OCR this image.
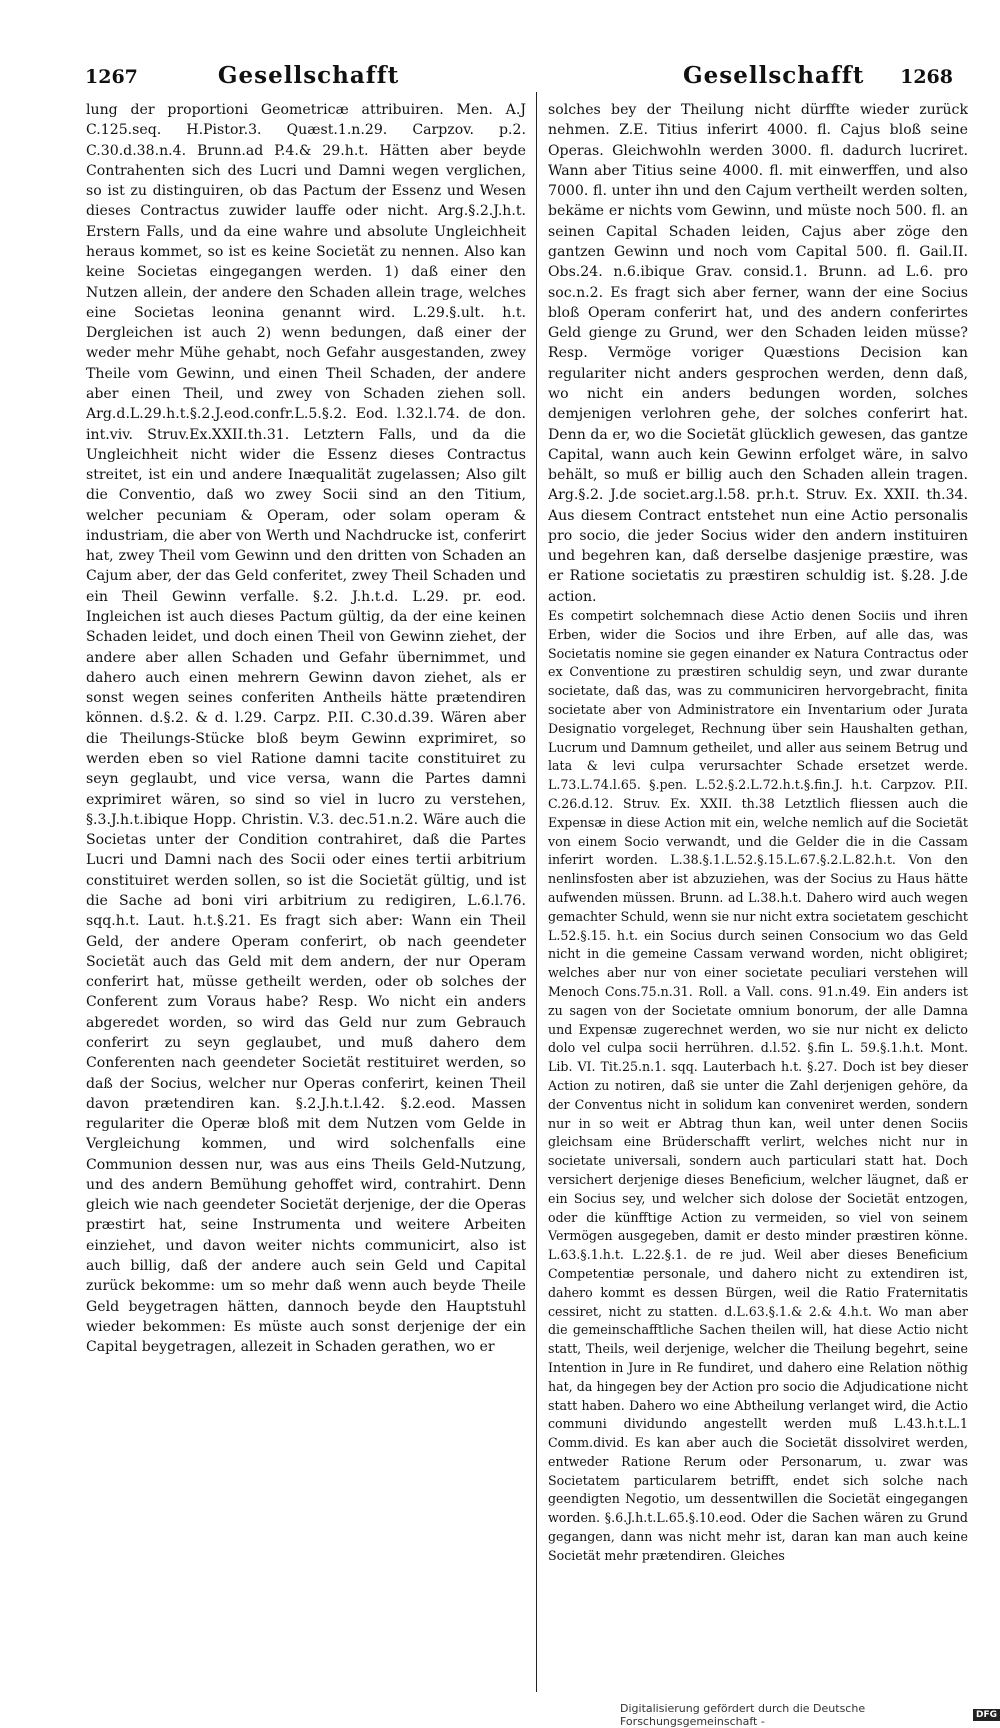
1267	Gesellschafft	Gesellschafft 1268

lung der proportioni Geometricæ attribuiren. Men. A.J C.125.seq. H.Pistor.3. Quæst.1.n.29. Carpzov. p.2. C.30.d.38.n.4. Brunn.ad P.4.& 29.h.t. Hätten aber beyde Contrahenten sich des Lucri und Damni wegen verglichen, so ist zu distinguiren, ob das Pactum der Essenz und Wesen dieses Contractus zuwider lauffe oder nicht. Arg.§.2.J.h.t. Erstern Falls, und da eine wahre und absolute Ungleichheit heraus kommet, so ist es keine Societät zu nennen. Also kan keine Societas eingegangen werden. 1) daß einer den Nutzen allein, der andere den Schaden allein trage, welches eine Societas leonina genannt wird. L.29.§.ult. h.t. Dergleichen ist auch 2) wenn bedungen, daß einer der weder mehr Mühe gehabt, noch Gefahr ausgestanden, zwey Theile vom Gewinn, und einen Theil Schaden, der andere aber einen Theil, und zwey von Schaden ziehen soll. Arg.d.L.29.h.t.§.2.J.eod.confr.L.5.§.2. Eod. l.32.l.74. de don. int.viv. Struv.Ex.XXII.th.31. Letztern Falls, und da die Ungleichheit nicht wider die Essenz dieses Contractus streitet, ist ein und andere Inæqualität zugelassen; Also gilt die Conventio, daß wo zwey Socii sind an den Titium, welcher pecuniam & Operam, oder solam operam & industriam, die aber von Werth und Nachdrucke ist, conferirt hat, zwey Theil vom Gewinn und den dritten von Schaden an Cajum aber, der das Geld conferitet, zwey Theil Schaden und ein Theil Gewinn verfalle. §.2. J.h.t.d. L.29. pr. eod. Ingleichen ist auch dieses Pactum gültig, da der eine keinen Schaden leidet, und doch einen Theil von Gewinn ziehet, der andere aber allen Schaden und Gefahr übernimmet, und dahero auch einen mehrern Gewinn davon ziehet, als er sonst wegen seines conferiten Antheils hätte prætendiren können. d.§.2. & d. l.29. Carpz. P.II. C.30.d.39. Wären aber die Theilungs-Stücke bloß beym Gewinn exprimiret, so werden eben so viel Ratione damni tacite constituiret zu seyn geglaubt, und vice versa, wann die Partes damni exprimiret wären, so sind so viel in lucro zu verstehen, §.3.J.h.t.ibique Hopp. Christin. V.3. dec.51.n.2. Wäre auch die Societas unter der Condition contrahiret, daß die Partes Lucri und Damni nach des Socii oder eines tertii arbitrium constituiret werden sollen, so ist die Societät gültig, und ist die Sache ad boni viri arbitrium zu redigiren, L.6.l.76. sqq.h.t. Laut. h.t.§.21. Es fragt sich aber: Wann ein Theil Geld, der andere Operam conferirt, ob nach geendeter Societät auch das Geld mit dem andern, der nur Operam conferirt hat, müsse getheilt werden, oder ob solches der Conferent zum Voraus habe? Resp. Wo nicht ein anders abgeredet worden, so wird das Geld nur zum Gebrauch conferirt zu seyn geglaubet, und muß dahero dem Conferenten nach geendeter Societät restituiret werden, so daß der Socius, welcher nur Operas conferirt, keinen Theil davon prætendiren kan. §.2.J.h.t.l.42. §.2.eod. Massen regulariter die Operæ bloß mit dem Nutzen vom Gelde in Vergleichung kommen, und wird solchenfalls eine Communion dessen nur, was aus eins Theils Geld-Nutzung, und des andern Bemühung gehoffet wird, contrahirt. Denn gleich wie nach geendeter Societät derjenige, der die Operas præstirt hat, seine Instrumenta und weitere Arbeiten einziehet, und davon weiter nichts communicirt, also ist auch billig, daß der andere auch sein Geld und Capital zurück bekomme: um so mehr daß wenn auch beyde Theile Geld beygetragen hätten, dannoch beyde den Hauptstuhl wieder bekommen: Es müste auch sonst derjenige der ein Capital beygetragen, allezeit in Schaden gerathen, wo er

solches bey der Theilung nicht dürffte wieder zurück nehmen. Z.E. Titius inferirt 4000. fl. Cajus bloß seine Operas. Gleichwohln werden 3000. fl. dadurch lucriret. Wann aber Titius seine 4000. fl. mit einwerffen, und also 7000. fl. unter ihn und den Cajum vertheilt werden solten, bekäme er nichts vom Gewinn, und müste noch 500. fl. an seinen Capital Schaden leiden, Cajus aber zöge den gantzen Gewinn und noch vom Capital 500. fl. Gail.II. Obs.24. n.6.ibique Grav. consid.1. Brunn. ad L.6. pro soc.n.2. Es fragt sich aber ferner, wann der eine Socius bloß Operam conferirt hat, und des andern conferirtes Geld gienge zu Grund, wer den Schaden leiden müsse? Resp. Vermöge voriger Quæstions Decision kan regulariter nicht anders gesprochen werden, denn daß, wo nicht ein anders bedungen worden, solches demjenigen verlohren gehe, der solches conferirt hat. Denn da er, wo die Societät glücklich gewesen, das gantze Capital, wann auch kein Gewinn erfolget wäre, in salvo behält, so muß er billig auch den Schaden allein tragen. Arg.§.2. J.de societ.arg.l.58. pr.h.t. Struv. Ex. XXII. th.34. Aus diesem Contract entstehet nun eine Actio personalis pro socio, die jeder Socius wider den andern instituiren und begehren kan, daß derselbe dasjenige præstire, was er Ratione societatis zu præstiren schuldig ist. §.28. J.de action.

Es competirt solchemnach diese Actio denen Sociis und ihren Erben, wider die Socios und ihre Erben, auf alle das, was Societatis nomine sie gegen einander ex Natura Contractus oder ex Conventione zu præstiren schuldig seyn, und zwar durante societate, daß das, was zu communiciren hervorgebracht, finita societate aber von Administratore ein Inventarium oder Jurata Designatio vorgeleget, Rechnung über sein Haushalten gethan, Lucrum und Damnum getheilet, und aller aus seinem Betrug und lata & levi culpa verursachter Schade ersetzet werde. L.73.L.74.l.65. §.pen. L.52.§.2.L.72.h.t.§.fin.J. h.t. Carpzov. P.II. C.26.d.12. Struv. Ex. XXII. th.38 Letztlich fliessen auch die Expensæ in diese Action mit ein, welche nemlich auf die Societät von einem Socio verwandt, und die Gelder die in die Cassam inferirt worden. L.38.§.1.L.52.§.15.L.67.§.2.L.82.h.t. Von den nenlinsfosten aber ist abzuziehen, was der Socius zu Haus hätte aufwenden müssen. Brunn. ad L.38.h.t. Dahero wird auch wegen gemachter Schuld, wenn sie nur nicht extra societatem geschicht L.52.§.15. h.t. ein Socius durch seinen Consocium wo das Geld nicht in die gemeine Cassam verwand worden, nicht obligiret; welches aber nur von einer societate peculiari verstehen will Menoch Cons.75.n.31. Roll. a Vall. cons. 91.n.49. Ein anders ist zu sagen von der Societate omnium bonorum, der alle Damna und Expensæ zugerechnet werden, wo sie nur nicht ex delicto dolo vel culpa socii herrühren. d.l.52. §.fin L. 59.§.1.h.t. Mont. Lib. VI. Tit.25.n.1. sqq. Lauterbach h.t. §.27. Doch ist bey dieser Action zu notiren, daß sie unter die Zahl derjenigen gehöre, da der Conventus nicht in solidum kan conveniret werden, sondern nur in so weit er Abtrag thun kan, weil unter denen Sociis gleichsam eine Brüderschafft verlirt, welches nicht nur in societate universali, sondern auch particulari statt hat. Doch versichert derjenige dieses Beneficium, welcher läugnet, daß er ein Socius sey, und welcher sich dolose der Societät entzogen, oder die künfftige Action zu vermeiden, so viel von seinem Vermögen ausgegeben, damit er desto minder præstiren könne. L.63.§.1.h.t. L.22.§.1. de re jud. Weil aber dieses Beneficium Competentiæ personale, und dahero nicht zu extendiren ist, dahero kommt es dessen Bürgen, weil die Ratio Fraternitatis cessiret, nicht zu statten. d.L.63.§.1.& 2.& 4.h.t. Wo man aber die gemeinschafftliche Sachen theilen will, hat diese Actio nicht statt, Theils, weil derjenige, welcher die Theilung begehrt, seine Intention in Jure in Re fundiret, und dahero eine Relation nöthig hat, da hingegen bey der Action pro socio die Adjudicatione nicht statt haben. Dahero wo eine Abtheilung verlanget wird, die Actio communi dividundo angestellt werden muß L.43.h.t.L.1 Comm.divid. Es kan aber auch die Societät dissolviret werden, entweder Ratione Rerum oder Personarum, u. zwar was Societatem particularem betrifft, endet sich solche nach geendigten Negotio, um dessentwillen die Societät eingegangen worden. §.6.J.h.t.L.65.§.10.eod. Oder die Sachen wären zu Grund gegangen, dann was nicht mehr ist, daran kan man auch keine Societät mehr prætendiren. Gleiches

Digitalisierung gefördert durch die Deutsche Forschungsgemeinschaft -	DFG
